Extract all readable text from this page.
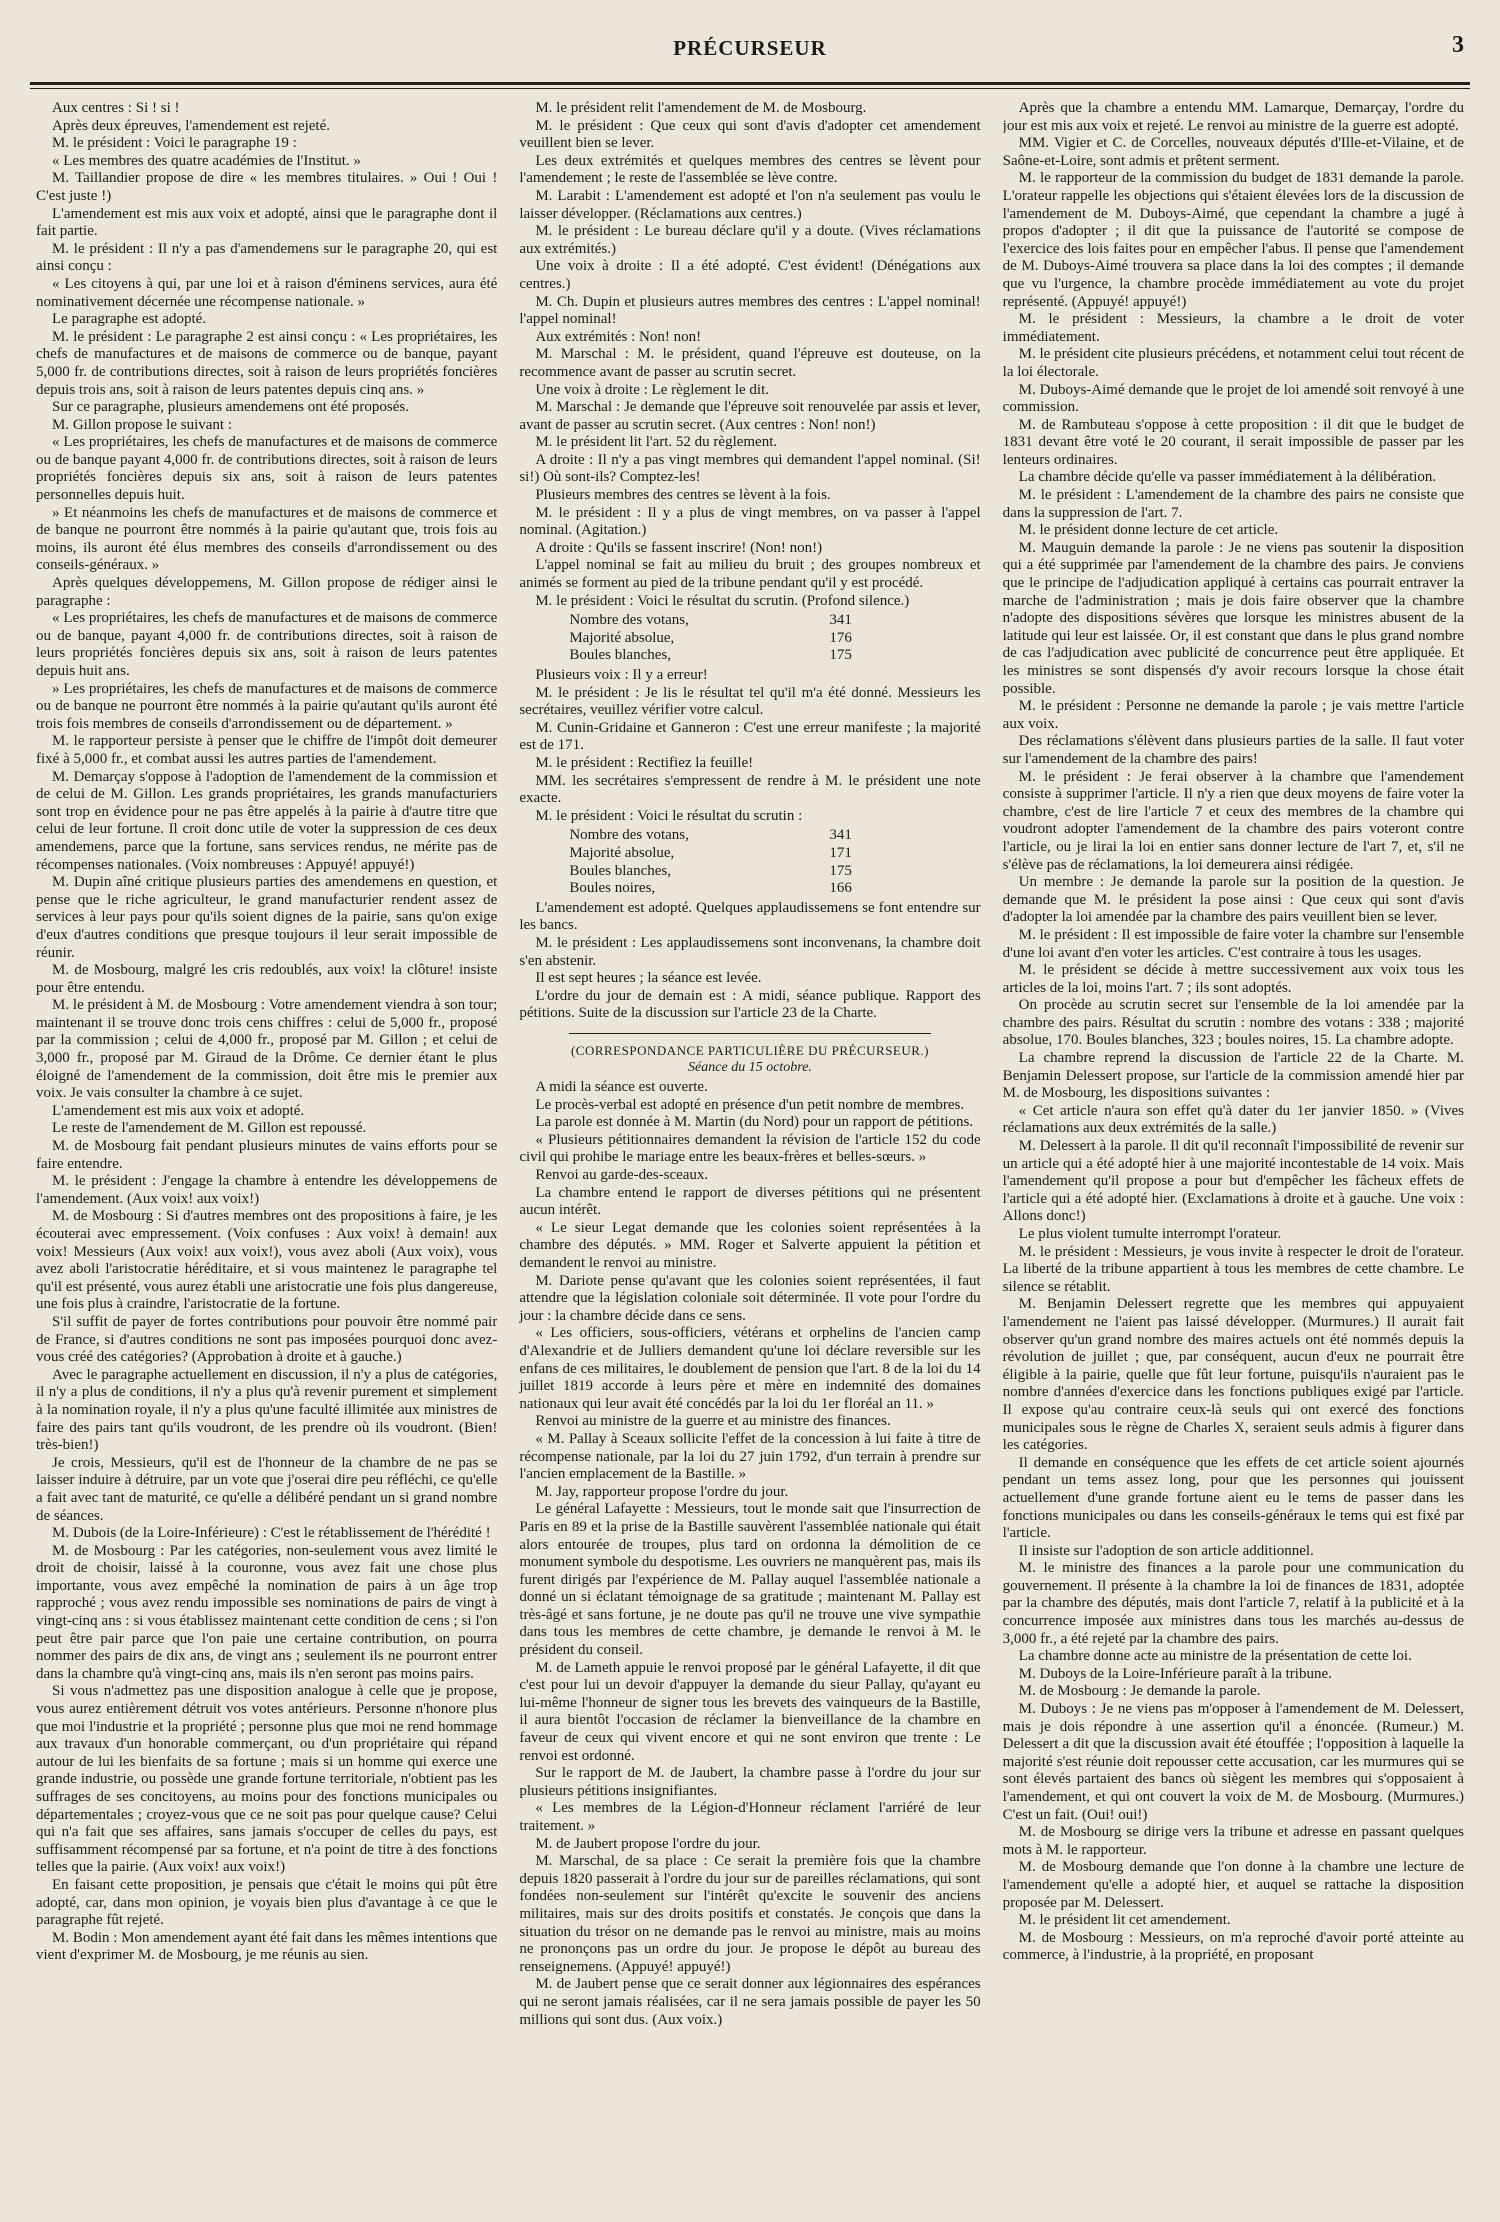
PRÉCURSEUR	3

Aux centres : Si ! si !

Après deux épreuves, l'amendement est rejeté.

M. le président : Voici le paragraphe 19 :

« Les membres des quatre académies de l'Institut. »

M. Taillandier propose de dire « les membres titulaires. » Oui ! Oui ! C'est juste !)

L'amendement est mis aux voix et adopté, ainsi que le paragraphe dont il fait partie.

M. le président : Il n'y a pas d'amendemens sur le paragraphe 20, qui est ainsi conçu :

« Les citoyens à qui, par une loi et à raison d'éminens services, aura été nominativement décernée une récompense nationale. »

Le paragraphe est adopté.

M. le président : Le paragraphe 2 est ainsi conçu : « Les propriétaires, les chefs de manufactures et de maisons de commerce ou de banque, payant 5,000 fr. de contributions directes, soit à raison de leurs propriétés foncières depuis trois ans, soit à raison de leurs patentes depuis cinq ans. »

Sur ce paragraphe, plusieurs amendemens ont été proposés.

M. Gillon propose le suivant :

« Les propriétaires, les chefs de manufactures et de maisons de commerce ou de banque payant 4,000 fr. de contributions directes, soit à raison de leurs propriétés foncières depuis six ans, soit à raison de leurs patentes personnelles depuis huit.

» Et néanmoins les chefs de manufactures et de maisons de commerce et de banque ne pourront être nommés à la pairie qu'autant que, trois fois au moins, ils auront été élus membres des conseils d'arrondissement ou des conseils-généraux. »

Après quelques développemens, M. Gillon propose de rédiger ainsi le paragraphe :

« Les propriétaires, les chefs de manufactures et de maisons de commerce ou de banque, payant 4,000 fr. de contributions directes, soit à raison de leurs propriétés foncières depuis six ans, soit à raison de leurs patentes depuis huit ans.

» Les propriétaires, les chefs de manufactures et de maisons de commerce ou de banque ne pourront être nommés à la pairie qu'autant qu'ils auront été trois fois membres de conseils d'arrondissement ou de département. »

M. le rapporteur persiste à penser que le chiffre de l'impôt doit demeurer fixé à 5,000 fr., et combat aussi les autres parties de l'amendement.

M. Demarçay s'oppose à l'adoption de l'amendement de la commission et de celui de M. Gillon. Les grands propriétaires, les grands manufacturiers sont trop en évidence pour ne pas être appelés à la pairie à d'autre titre que celui de leur fortune. Il croit donc utile de voter la suppression de ces deux amendemens, parce que la fortune, sans services rendus, ne mérite pas de récompenses nationales. (Voix nombreuses : Appuyé! appuyé!)

M. Dupin aîné critique plusieurs parties des amendemens en question, et pense que le riche agriculteur, le grand manufacturier rendent assez de services à leur pays pour qu'ils soient dignes de la pairie, sans qu'on exige d'eux d'autres conditions que presque toujours il leur serait impossible de réunir.

M. de Mosbourg, malgré les cris redoublés, aux voix! la clôture! insiste pour être entendu.

M. le président à M. de Mosbourg : Votre amendement viendra à son tour; maintenant il se trouve donc trois cens chiffres : celui de 5,000 fr., proposé par la commission ; celui de 4,000 fr., proposé par M. Gillon ; et celui de 3,000 fr., proposé par M. Giraud de la Drôme. Ce dernier étant le plus éloigné de l'amendement de la commission, doit être mis le premier aux voix. Je vais consulter la chambre à ce sujet.

L'amendement est mis aux voix et adopté.

Le reste de l'amendement de M. Gillon est repoussé.

M. de Mosbourg fait pendant plusieurs minutes de vains efforts pour se faire entendre.

M. le président : J'engage la chambre à entendre les développemens de l'amendement. (Aux voix! aux voix!)

M. de Mosbourg : Si d'autres membres ont des propositions à faire, je les écouterai avec empressement. (Voix confuses : Aux voix! à demain! aux voix! Messieurs (Aux voix! aux voix!), vous avez aboli (Aux voix), vous avez aboli l'aristocratie héréditaire, et si vous maintenez le paragraphe tel qu'il est présenté, vous aurez établi une aristocratie une fois plus dangereuse, une fois plus à craindre, l'aristocratie de la fortune.

S'il suffit de payer de fortes contributions pour pouvoir être nommé pair de France, si d'autres conditions ne sont pas imposées pourquoi donc avez-vous créé des catégories? (Approbation à droite et à gauche.)

Avec le paragraphe actuellement en discussion, il n'y a plus de catégories, il n'y a plus de conditions, il n'y a plus qu'à revenir purement et simplement à la nomination royale, il n'y a plus qu'une faculté illimitée aux ministres de faire des pairs tant qu'ils voudront, de les prendre où ils voudront. (Bien! très-bien!)

Je crois, Messieurs, qu'il est de l'honneur de la chambre de ne pas se laisser induire à détruire, par un vote que j'oserai dire peu réfléchi, ce qu'elle a fait avec tant de maturité, ce qu'elle a délibéré pendant un si grand nombre de séances.

M. Dubois (de la Loire-Inférieure) : C'est le rétablissement de l'hérédité !

M. de Mosbourg : Par les catégories, non-seulement vous avez limité le droit de choisir, laissé à la couronne, vous avez fait une chose plus importante, vous avez empêché la nomination de pairs à un âge trop rapproché ; vous avez rendu impossible ses nominations de pairs de vingt à vingt-cinq ans : si vous établissez maintenant cette condition de cens ; si l'on peut être pair parce que l'on paie une certaine contribution, on pourra nommer des pairs de dix ans, de vingt ans ; seulement ils ne pourront entrer dans la chambre qu'à vingt-cinq ans, mais ils n'en seront pas moins pairs.

Si vous n'admettez pas une disposition analogue à celle que je propose, vous aurez entièrement détruit vos votes antérieurs. Personne n'honore plus que moi l'industrie et la propriété ; personne plus que moi ne rend hommage aux travaux d'un honorable commerçant, ou d'un propriétaire qui répand autour de lui les bienfaits de sa fortune ; mais si un homme qui exerce une grande industrie, ou possède une grande fortune territoriale, n'obtient pas les suffrages de ses concitoyens, au moins pour des fonctions municipales ou départementales ; croyez-vous que ce ne soit pas pour quelque cause? Celui qui n'a fait que ses affaires, sans jamais s'occuper de celles du pays, est suffisamment récompensé par sa fortune, et n'a point de titre à des fonctions telles que la pairie. (Aux voix! aux voix!)

En faisant cette proposition, je pensais que c'était le moins qui pût être adopté, car, dans mon opinion, je voyais bien plus d'avantage à ce que le paragraphe fût rejeté.

M. Bodin : Mon amendement ayant été fait dans les mêmes intentions que vient d'exprimer M. de Mosbourg, je me réunis au sien.

M. le président relit l'amendement de M. de Mosbourg.

M. le président : Que ceux qui sont d'avis d'adopter cet amendement veuillent bien se lever.

Les deux extrémités et quelques membres des centres se lèvent pour l'amendement ; le reste de l'assemblée se lève contre.

M. Larabit : L'amendement est adopté et l'on n'a seulement pas voulu le laisser développer. (Réclamations aux centres.)

M. le président : Le bureau déclare qu'il y a doute. (Vives réclamations aux extrémités.)

Une voix à droite : Il a été adopté. C'est évident! (Dénégations aux centres.)

M. Ch. Dupin et plusieurs autres membres des centres : L'appel nominal! l'appel nominal!

Aux extrémités : Non! non!

M. Marschal : M. le président, quand l'épreuve est douteuse, on la recommence avant de passer au scrutin secret.

Une voix à droite : Le règlement le dit.

M. Marschal : Je demande que l'épreuve soit renouvelée par assis et lever, avant de passer au scrutin secret. (Aux centres : Non! non!)

M. le président lit l'art. 52 du règlement.

A droite : Il n'y a pas vingt membres qui demandent l'appel nominal. (Si! si!) Où sont-ils? Comptez-les!

Plusieurs membres des centres se lèvent à la fois.

M. le président : Il y a plus de vingt membres, on va passer à l'appel nominal. (Agitation.)

A droite : Qu'ils se fassent inscrire! (Non! non!)

L'appel nominal se fait au milieu du bruit ; des groupes nombreux et animés se forment au pied de la tribune pendant qu'il y est procédé.

M. le président : Voici le résultat du scrutin. (Profond silence.)

Nombre des votans,	341
Majorité absolue,	176
Boules blanches,	175

Plusieurs voix : Il y a erreur!

M. le président : Je lis le résultat tel qu'il m'a été donné. Messieurs les secrétaires, veuillez vérifier votre calcul.

M. Cunin-Gridaine et Ganneron : C'est une erreur manifeste ; la majorité est de 171.

M. le président : Rectifiez la feuille!

MM. les secrétaires s'empressent de rendre à M. le président une note exacte.

M. le président : Voici le résultat du scrutin :

Nombre des votans,	341
Majorité absolue,	171
Boules blanches,	175
Boules noires,	166

L'amendement est adopté. Quelques applaudissemens se font entendre sur les bancs.

M. le président : Les applaudissemens sont inconvenans, la chambre doit s'en abstenir.

Il est sept heures ; la séance est levée.

L'ordre du jour de demain est : A midi, séance publique. Rapport des pétitions. Suite de la discussion sur l'article 23 de la Charte.

(CORRESPONDANCE PARTICULIÈRE DU PRÉCURSEUR.)
Séance du 15 octobre.

A midi la séance est ouverte.

Le procès-verbal est adopté en présence d'un petit nombre de membres.

La parole est donnée à M. Martin (du Nord) pour un rapport de pétitions.

« Plusieurs pétitionnaires demandent la révision de l'article 152 du code civil qui prohibe le mariage entre les beaux-frères et belles-sœurs. »

Renvoi au garde-des-sceaux.

La chambre entend le rapport de diverses pétitions qui ne présentent aucun intérêt.

« Le sieur Legat demande que les colonies soient représentées à la chambre des députés. » MM. Roger et Salverte appuient la pétition et demandent le renvoi au ministre.

M. Dariote pense qu'avant que les colonies soient représentées, il faut attendre que la législation coloniale soit déterminée. Il vote pour l'ordre du jour : la chambre décide dans ce sens.

« Les officiers, sous-officiers, vétérans et orphelins de l'ancien camp d'Alexandrie et de Julliers demandent qu'une loi déclare reversible sur les enfans de ces militaires, le doublement de pension que l'art. 8 de la loi du 14 juillet 1819 accorde à leurs père et mère en indemnité des domaines nationaux qui leur avait été concédés par la loi du 1er floréal an 11. »

Renvoi au ministre de la guerre et au ministre des finances.

« M. Pallay à Sceaux sollicite l'effet de la concession à lui faite à titre de récompense nationale, par la loi du 27 juin 1792, d'un terrain à prendre sur l'ancien emplacement de la Bastille. »

M. Jay, rapporteur propose l'ordre du jour.

Le général Lafayette : Messieurs, tout le monde sait que l'insurrection de Paris en 89 et la prise de la Bastille sauvèrent l'assemblée nationale qui était alors entourée de troupes, plus tard on ordonna la démolition de ce monument symbole du despotisme. Les ouvriers ne manquèrent pas, mais ils furent dirigés par l'expérience de M. Pallay auquel l'assemblée nationale a donné un si éclatant témoignage de sa gratitude ; maintenant M. Pallay est très-âgé et sans fortune, je ne doute pas qu'il ne trouve une vive sympathie dans tous les membres de cette chambre, je demande le renvoi à M. le président du conseil.

M. de Lameth appuie le renvoi proposé par le général Lafayette, il dit que c'est pour lui un devoir d'appuyer la demande du sieur Pallay, qu'ayant eu lui-même l'honneur de signer tous les brevets des vainqueurs de la Bastille, il aura bientôt l'occasion de réclamer la bienveillance de la chambre en faveur de ceux qui vivent encore et qui ne sont environ que trente : Le renvoi est ordonné.

Sur le rapport de M. de Jaubert, la chambre passe à l'ordre du jour sur plusieurs pétitions insignifiantes.

« Les membres de la Légion-d'Honneur réclament l'arriéré de leur traitement. »

M. de Jaubert propose l'ordre du jour.

M. Marschal, de sa place : Ce serait la première fois que la chambre depuis 1820 passerait à l'ordre du jour sur de pareilles réclamations, qui sont fondées non-seulement sur l'intérêt qu'excite le souvenir des anciens militaires, mais sur des droits positifs et constatés. Je conçois que dans la situation du trésor on ne demande pas le renvoi au ministre, mais au moins ne prononçons pas un ordre du jour. Je propose le dépôt au bureau des renseignemens. (Appuyé! appuyé!)

M. de Jaubert pense que ce serait donner aux légionnaires des espérances qui ne seront jamais réalisées, car il ne sera jamais possible de payer les 50 millions qui sont dus. (Aux voix.)

Après que la chambre a entendu MM. Lamarque, Demarçay, l'ordre du jour est mis aux voix et rejeté. Le renvoi au ministre de la guerre est adopté.

MM. Vigier et C. de Corcelles, nouveaux députés d'Ille-et-Vilaine, et de Saône-et-Loire, sont admis et prêtent serment.

M. le rapporteur de la commission du budget de 1831 demande la parole. L'orateur rappelle les objections qui s'étaient élevées lors de la discussion de l'amendement de M. Duboys-Aimé, que cependant la chambre a jugé à propos d'adopter ; il dit que la puissance de l'autorité se compose de l'exercice des lois faites pour en empêcher l'abus. Il pense que l'amendement de M. Duboys-Aimé trouvera sa place dans la loi des comptes ; il demande que vu l'urgence, la chambre procède immédiatement au vote du projet représenté. (Appuyé! appuyé!)

M. le président : Messieurs, la chambre a le droit de voter immédiatement.

M. le président cite plusieurs précédens, et notamment celui tout récent de la loi électorale.

M. Duboys-Aimé demande que le projet de loi amendé soit renvoyé à une commission.

M. de Rambuteau s'oppose à cette proposition : il dit que le budget de 1831 devant être voté le 20 courant, il serait impossible de passer par les lenteurs ordinaires.

La chambre décide qu'elle va passer immédiatement à la délibération.

M. le président : L'amendement de la chambre des pairs ne consiste que dans la suppression de l'art. 7.

M. le président donne lecture de cet article.

M. Mauguin demande la parole : Je ne viens pas soutenir la disposition qui a été supprimée par l'amendement de la chambre des pairs. Je conviens que le principe de l'adjudication appliqué à certains cas pourrait entraver la marche de l'administration ; mais je dois faire observer que la chambre n'adopte des dispositions sévères que lorsque les ministres abusent de la latitude qui leur est laissée. Or, il est constant que dans le plus grand nombre de cas l'adjudication avec publicité de concurrence peut être appliquée. Et les ministres se sont dispensés d'y avoir recours lorsque la chose était possible.

M. le président : Personne ne demande la parole ; je vais mettre l'article aux voix.

Des réclamations s'élèvent dans plusieurs parties de la salle. Il faut voter sur l'amendement de la chambre des pairs!

M. le président : Je ferai observer à la chambre que l'amendement consiste à supprimer l'article. Il n'y a rien que deux moyens de faire voter la chambre, c'est de lire l'article 7 et ceux des membres de la chambre qui voudront adopter l'amendement de la chambre des pairs voteront contre l'article, ou je lirai la loi en entier sans donner lecture de l'art 7, et, s'il ne s'élève pas de réclamations, la loi demeurera ainsi rédigée.

Un membre : Je demande la parole sur la position de la question. Je demande que M. le président la pose ainsi : Que ceux qui sont d'avis d'adopter la loi amendée par la chambre des pairs veuillent bien se lever.

M. le président : Il est impossible de faire voter la chambre sur l'ensemble d'une loi avant d'en voter les articles. C'est contraire à tous les usages.

M. le président se décide à mettre successivement aux voix tous les articles de la loi, moins l'art. 7 ; ils sont adoptés.

On procède au scrutin secret sur l'ensemble de la loi amendée par la chambre des pairs. Résultat du scrutin : nombre des votans : 338 ; majorité absolue, 170. Boules blanches, 323 ; boules noires, 15. La chambre adopte.

La chambre reprend la discussion de l'article 22 de la Charte. M. Benjamin Delessert propose, sur l'article de la commission amendé hier par M. de Mosbourg, les dispositions suivantes :

« Cet article n'aura son effet qu'à dater du 1er janvier 1850. » (Vives réclamations aux deux extrémités de la salle.)

M. Delessert à la parole. Il dit qu'il reconnaît l'impossibilité de revenir sur un article qui a été adopté hier à une majorité incontestable de 14 voix. Mais l'amendement qu'il propose a pour but d'empêcher les fâcheux effets de l'article qui a été adopté hier. (Exclamations à droite et à gauche. Une voix : Allons donc!)

Le plus violent tumulte interrompt l'orateur.

M. le président : Messieurs, je vous invite à respecter le droit de l'orateur. La liberté de la tribune appartient à tous les membres de cette chambre. Le silence se rétablit.

M. Benjamin Delessert regrette que les membres qui appuyaient l'amendement ne l'aient pas laissé développer. (Murmures.) Il aurait fait observer qu'un grand nombre des maires actuels ont été nommés depuis la révolution de juillet ; que, par conséquent, aucun d'eux ne pourrait être éligible à la pairie, quelle que fût leur fortune, puisqu'ils n'auraient pas le nombre d'années d'exercice dans les fonctions publiques exigé par l'article. Il expose qu'au contraire ceux-là seuls qui ont exercé des fonctions municipales sous le règne de Charles X, seraient seuls admis à figurer dans les catégories.

Il demande en conséquence que les effets de cet article soient ajournés pendant un tems assez long, pour que les personnes qui jouissent actuellement d'une grande fortune aient eu le tems de passer dans les fonctions municipales ou dans les conseils-généraux le tems qui est fixé par l'article.

Il insiste sur l'adoption de son article additionnel.

M. le ministre des finances a la parole pour une communication du gouvernement. Il présente à la chambre la loi de finances de 1831, adoptée par la chambre des députés, mais dont l'article 7, relatif à la publicité et à la concurrence imposée aux ministres dans tous les marchés au-dessus de 3,000 fr., a été rejeté par la chambre des pairs.

La chambre donne acte au ministre de la présentation de cette loi.

M. Duboys de la Loire-Inférieure paraît à la tribune.

M. de Mosbourg : Je demande la parole.

M. Duboys : Je ne viens pas m'opposer à l'amendement de M. Delessert, mais je dois répondre à une assertion qu'il a énoncée. (Rumeur.) M. Delessert a dit que la discussion avait été étouffée ; l'opposition à laquelle la majorité s'est réunie doit repousser cette accusation, car les murmures qui se sont élevés partaient des bancs où siègent les membres qui s'opposaient à l'amendement, et qui ont couvert la voix de M. de Mosbourg. (Murmures.) C'est un fait. (Oui! oui!)

M. de Mosbourg se dirige vers la tribune et adresse en passant quelques mots à M. le rapporteur.

M. de Mosbourg demande que l'on donne à la chambre une lecture de l'amendement qu'elle a adopté hier, et auquel se rattache la disposition proposée par M. Delessert.

M. le président lit cet amendement.

M. de Mosbourg : Messieurs, on m'a reproché d'avoir porté atteinte au commerce, à l'industrie, à la propriété, en proposant
